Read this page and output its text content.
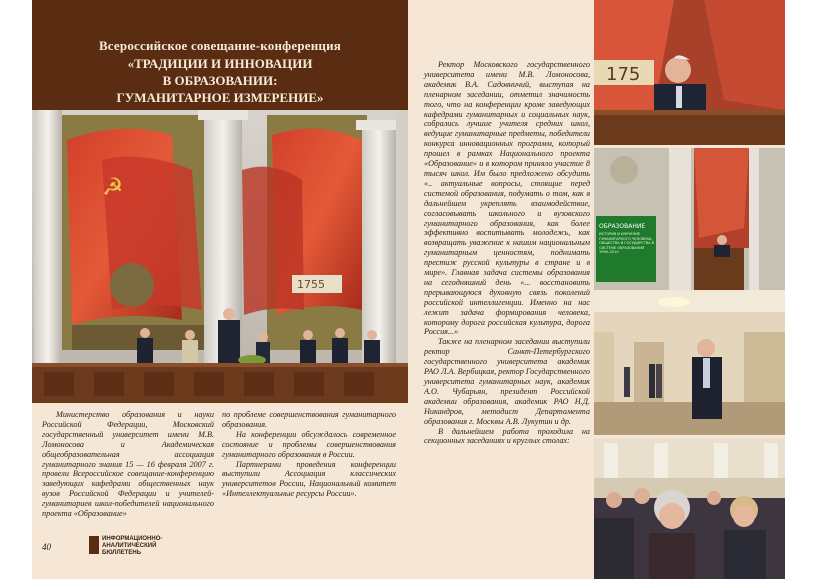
Всероссийское совещание-конференция
«ТРАДИЦИИ И ИННОВАЦИИ
В ОБРАЗОВАНИИ:
ГУМАНИТАРНОЕ ИЗМЕРЕНИЕ»
☭
1755

Министерство образования и науки Российской Федерации, Московский государственный университет имени М.В. Ломоносова и Академическая общеобразовательная ассоциация гуманитарного знания 15 — 16 февраля 2007 г. провели Всероссийское совещание-конференцию заведующих кафедрами общественных наук вузов Российской Федерации и учителей-гуманитариев школ-победителей национального проекта «Образование»

по проблеме совершенствования гуманитарного образования.

На конференции обсуждалось современное состояние и проблемы совершенствования гуманитарного образования в России.

Партнерами проведения конференции выступили Ассоциация классических университетов России, Национальный комитет «Интеллектуальные ресурсы России».

Ректор Московского государственного университета имени М.В. Ломоносова, академик В.А. Садовничий, выступая на пленарном заседании, отметил значимость того, что на конференции кроме заведующих кафедрами гуманитарных и социальных наук, собрались лучшие учителя средних школ, ведущие гуманитарные предметы, победители конкурса инновационных программ, который прошел в рамках Национального проекта «Образование» и в котором приняло участие 8 тысяч школ. Им было предложено обсудить «.. актуальные вопросы, стоящие перед системой образования, подумать о том, как в дальнейшем укреплять взаимодействие, согласовывать школьного и вузовского гуманитарного образования, как более эффективно воспитывать молодежь, как возвращать уважение к нашим национальным гуманитарным ценностям, поднимать престиж русской культуры в стране и в мире». Главная задача системы образования на сегодняшний день «... восстановить прерывающуюся духовную связь поколений российской интеллигенции. Именно на нас лежит задача формирования человека, которому дорога российская культура, дорога Россия...»

Также на пленарном заседании выступили ректор Санкт-Петербургского государственного университета академик РАО Л.А. Вербицкая, ректор Государственного университета гуманитарных наук, академик А.О. Чубарьян, президент Российской академии образования, академик РАО Н.Д. Никандров, методист Департамента образования г. Москвы А.В. Лукутин и др.

В дальнейшем работа проходила на секционных заседаниях и круглых столах:

175
ОБРАЗОВАНИЕ
ИСТОРИЯ И ИЗУЧЕНИЕ ГУМАНИТАРНОГО ЧЕЛОВЕКА, ОБЩЕСТВА И ГОСУДАРСТВА В СИСТЕМЕ ОБРАЗОВАНИЯ 1990–2010
40
ИНФОРМАЦИОННО-
АНАЛИТИЧЕСКИЙ
БЮЛЛЕТЕНЬ
